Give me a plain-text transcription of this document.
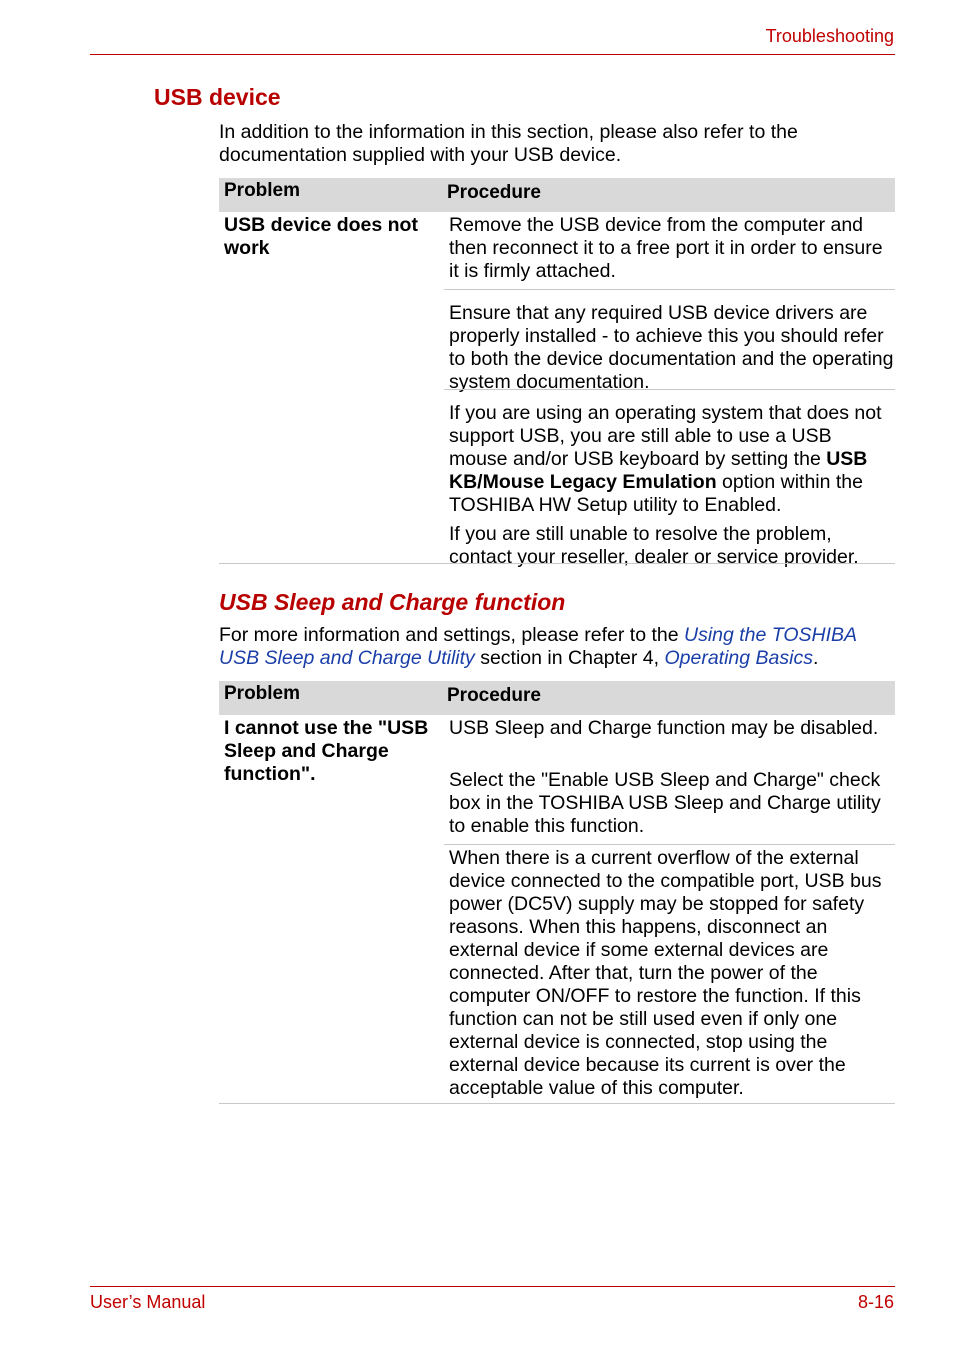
Troubleshooting
USB device
In addition to the information in this section, please also refer to the documentation supplied with your USB device.
Problem	Procedure
USB device does not work
Remove the USB device from the computer and then reconnect it to a free port it in order to ensure it is firmly attached.
Ensure that any required USB device drivers are properly installed - to achieve this you should refer to both the device documentation and the operating system documentation.
If you are using an operating system that does not support USB, you are still able to use a USB mouse and/or USB keyboard by setting the USB KB/Mouse Legacy Emulation option within the TOSHIBA HW Setup utility to Enabled.
If you are still unable to resolve the problem, contact your reseller, dealer or service provider.
USB Sleep and Charge function
For more information and settings, please refer to the Using the TOSHIBA USB Sleep and Charge Utility section in Chapter 4, Operating Basics.
Problem	Procedure
I cannot use the "USB Sleep and Charge function".
USB Sleep and Charge function may be disabled.
Select the "Enable USB Sleep and Charge" check box in the TOSHIBA USB Sleep and Charge utility to enable this function.
When there is a current overflow of the external device connected to the compatible port, USB bus power (DC5V) supply may be stopped for safety reasons. When this happens, disconnect an external device if some external devices are connected. After that, turn the power of the computer ON/OFF to restore the function. If this function can not be still used even if only one external device is connected, stop using the external device because its current is over the acceptable value of this computer.
User’s Manual	8-16
